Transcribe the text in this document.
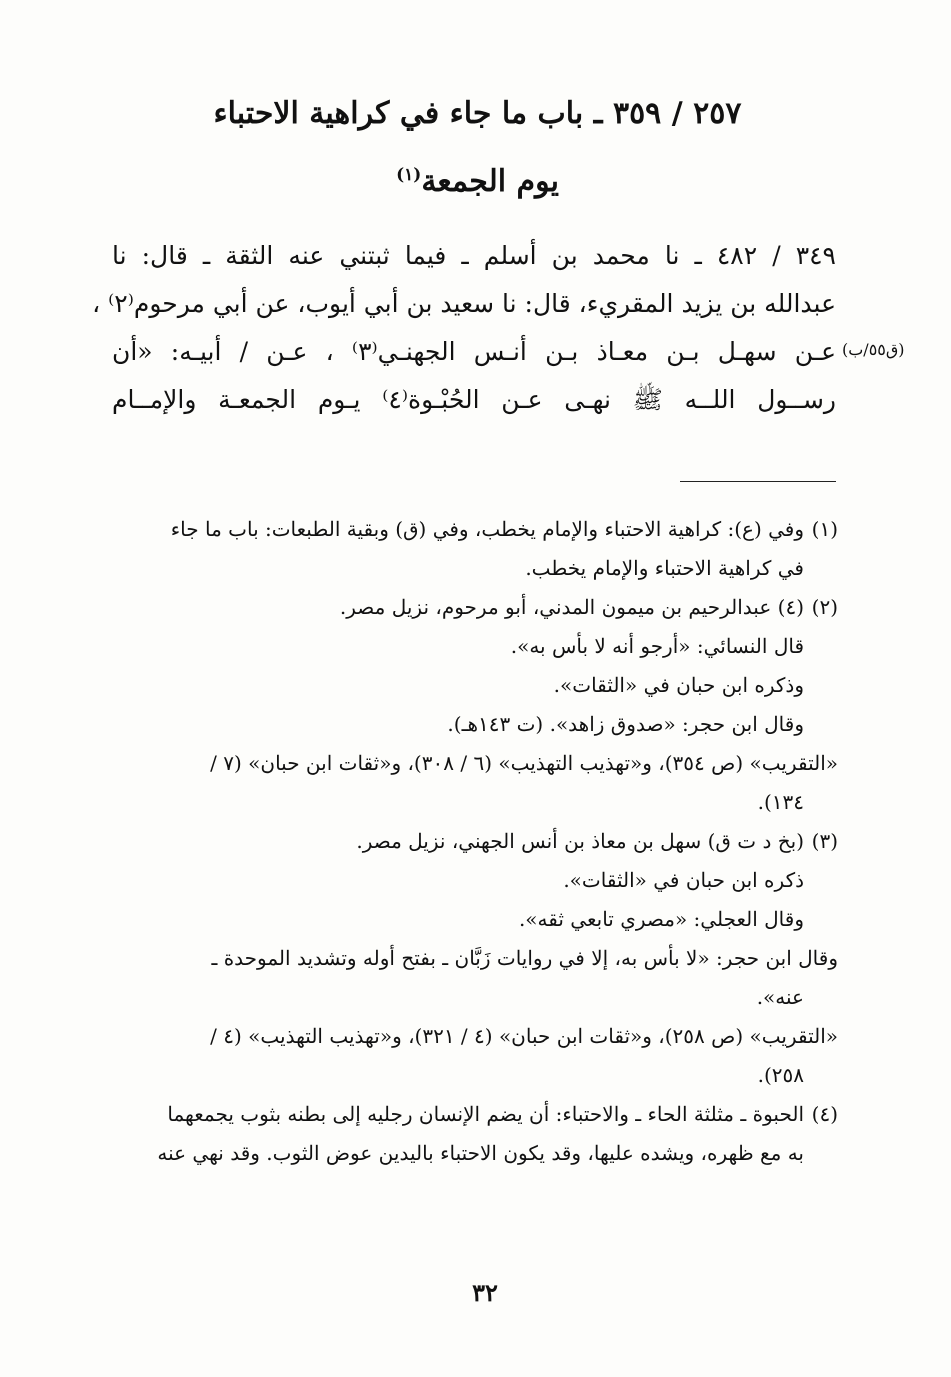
٢٥٧ / ٣٥٩ ـ باب ما جاء في كراهية الاحتباء
يوم الجمعة$^{(١)}$
٣٤٩ / ٤٨٢ ـ نا محمد بن أسلم ـ فيما ثبتني عنه الثقة ـ قال: نا
عبدالله بن يزيد المقريء، قال: نا سعيد بن أبي أيوب، عن أبي مرحوم⁽٢⁾ ،
عـن سهـل بـن معـاذ بـن أنـس الجهنـي⁽٣⁾ ، عـن / أبيـه: «أن
رســول اللــه ﷺ نهـى عـن الحُبْـوة⁽٤⁾ يـوم الجمعـة والإمــام
(ق٥٥/ب)
(١)وفي (ع): كراهية الاحتباء والإمام يخطب، وفي (ق) وبقية الطبعات: باب ما جاء
في كراهية الاحتباء والإمام يخطب.
(٢)(٤) عبدالرحيم بن ميمون المدني، أبو مرحوم، نزيل مصر.
قال النسائي: «أرجو أنه لا بأس به».
وذكره ابن حبان في «الثقات».
وقال ابن حجر: «صدوق زاهد». (ت ١٤٣هـ).
«التقريب» (ص ٣٥٤)، و«تهذيب التهذيب» (٦ / ٣٠٨)، و«ثقات ابن حبان» (٧ /
١٣٤).
(٣)(بخ د ت ق) سهل بن معاذ بن أنس الجهني، نزيل مصر.
ذكره ابن حبان في «الثقات».
وقال العجلي: «مصري تابعي ثقه».
وقال ابن حجر: «لا بأس به، إلا في روايات زَبَّان ـ بفتح أوله وتشديد الموحدة ـ
عنه».
«التقريب» (ص ٢٥٨)، و«ثقات ابن حبان» (٤ / ٣٢١)، و«تهذيب التهذيب» (٤ /
٢٥٨).
(٤)الحبوة ـ مثلثة الحاء ـ والاحتباء: أن يضم الإنسان رجليه إلى بطنه بثوب يجمعهما
به مع ظهره، ويشده عليها، وقد يكون الاحتباء باليدين عوض الثوب. وقد نهي عنه
٣٢
